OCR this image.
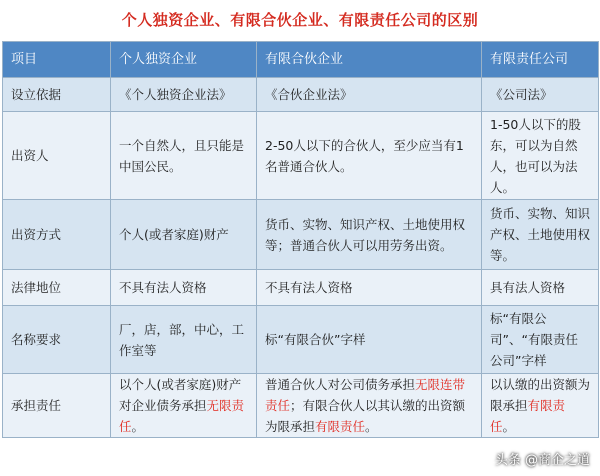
个人独资企业、有限合伙企业、有限责任公司的区别
项目	个人独资企业	有限合伙企业	有限责任公司
设立依据	《个人独资企业法》	《合伙企业法》	《公司法》
出资人	一个自然人，且只能是中国公民。	2-50人以下的合伙人，至少应当有1名普通合伙人。	1-50人以下的股东，可以为自然人，也可以为法人。
出资方式	个人(或者家庭)财产	货币、实物、知识产权、土地使用权等；普通合伙人可以用劳务出资。	货币、实物、知识产权、土地使用权等。
法律地位	不具有法人资格	不具有法人资格	具有法人资格
名称要求	厂，店，部，中心，工作室等	标“有限合伙”字样	标“有限公司”、“有限责任公司”字样
承担责任	以个人(或者家庭)财产对企业债务承担无限责任。	普通合伙人对公司债务承担无限连带责任；有限合伙人以其认缴的出资额为限承担有限责任。	以认缴的出资额为限承担有限责任。
头条 @商企之道
